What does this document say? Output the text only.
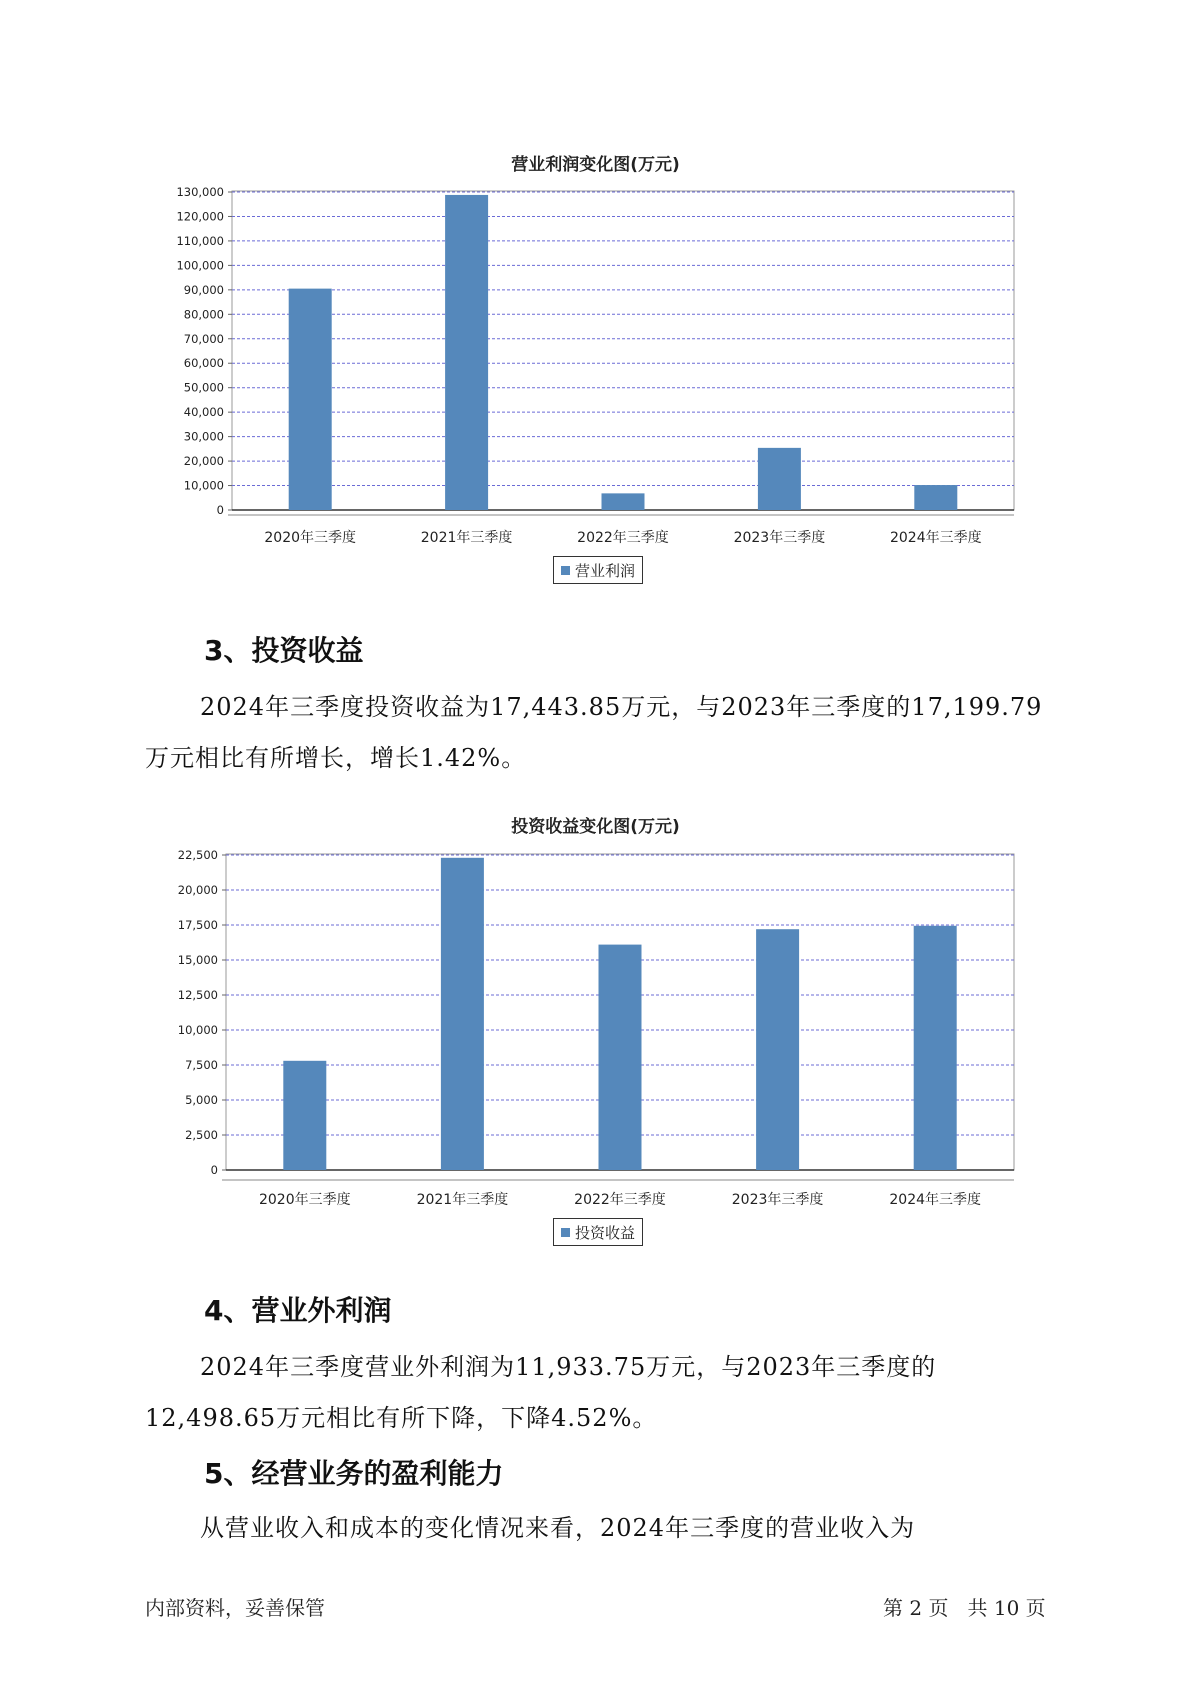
营业利润变化图(万元)
0
10,000
20,000
30,000
40,000
50,000
60,000
70,000
80,000
90,000
100,000
110,000
120,000
130,000
2020年三季度	2021年三季度	2022年三季度	2023年三季度	2024年三季度
营业利润
3、投资收益
2024年三季度投资收益为17,443.85万元，与2023年三季度的17,199.79
万元相比有所增长，增长1.42%。
投资收益变化图(万元)
0
2,500
5,000
7,500
10,000
12,500
15,000
17,500
20,000
22,500
2020年三季度	2021年三季度	2022年三季度	2023年三季度	2024年三季度
投资收益
4、营业外利润
2024年三季度营业外利润为11,933.75万元，与2023年三季度的
12,498.65万元相比有所下降，下降4.52%。
5、经营业务的盈利能力
从营业收入和成本的变化情况来看，2024年三季度的营业收入为
内部资料，妥善保管	第 2 页   共 10 页
